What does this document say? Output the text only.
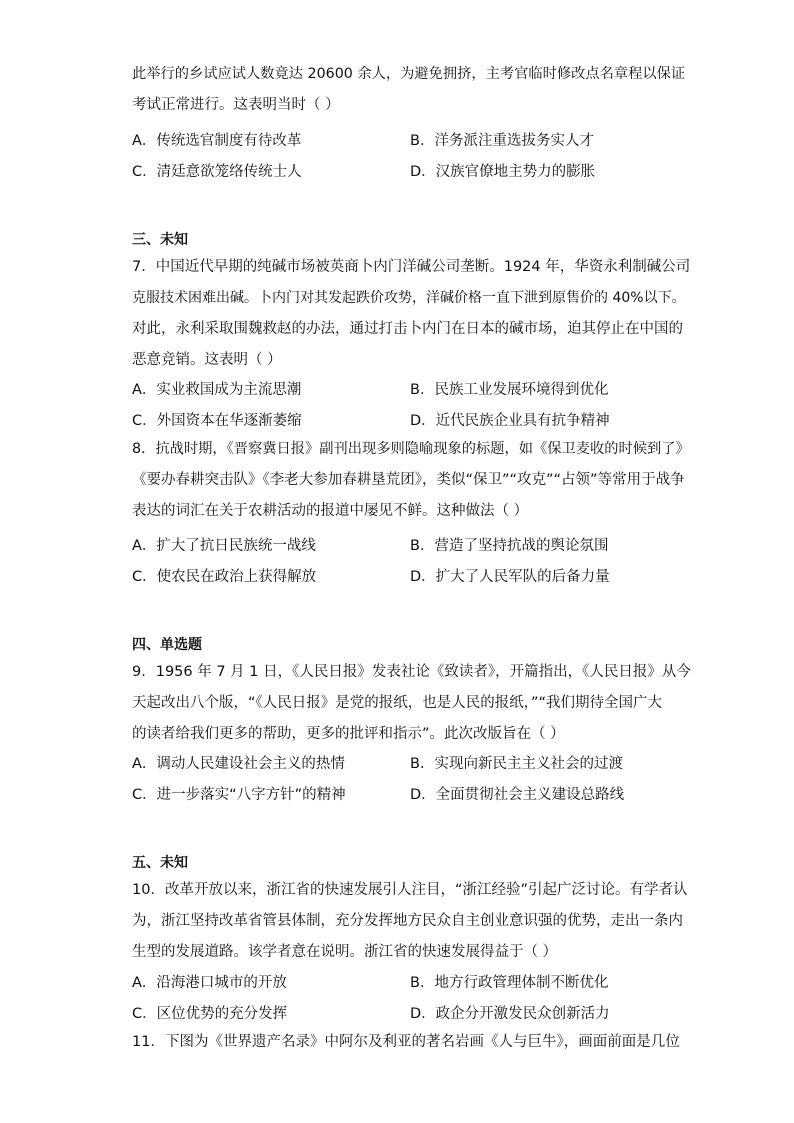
此举行的乡试应试人数竟达 20600 余人，为避免拥挤，主考官临时修改点名章程以保证
考试正常进行。这表明当时（ ）
A．传统选官制度有待改革	B．洋务派注重选拔务实人才
C．清廷意欲笼络传统士人	D．汉族官僚地主势力的膨胀
三、未知
7．中国近代早期的纯碱市场被英商卜内门洋碱公司垄断。1924 年，华资永利制碱公司
克服技术困难出碱。卜内门对其发起跌价攻势，洋碱价格一直下泄到原售价的 40%以下。
对此，永利采取围魏救赵的办法，通过打击卜内门在日本的碱市场，迫其停止在中国的
恶意竞销。这表明（ ）
A．实业救国成为主流思潮	B．民族工业发展环境得到优化
C．外国资本在华逐渐萎缩	D．近代民族企业具有抗争精神
8．抗战时期，《晋察冀日报》副刊出现多则隐喻现象的标题，如《保卫麦收的时候到了》
《要办春耕突击队》《李老大参加春耕垦荒团》，类似“保卫”“攻克”“占领”等常用于战争
表达的词汇在关于农耕活动的报道中屡见不鲜。这种做法（ ）
A．扩大了抗日民族统一战线	B．营造了坚持抗战的舆论氛围
C．使农民在政治上获得解放	D．扩大了人民军队的后备力量
四、单选题
9．1956 年 7 月 1 日，《人民日报》发表社论《致读者》，开篇指出，《人民日报》从今
天起改出八个版，“《人民日报》是党的报纸，也是人民的报纸，”“我们期待全国广大
的读者给我们更多的帮助，更多的批评和指示”。此次改版旨在（ ）
A．调动人民建设社会主义的热情	B．实现向新民主主义社会的过渡
C．进一步落实“八字方针”的精神	D．全面贯彻社会主义建设总路线
五、未知
10．改革开放以来，浙江省的快速发展引人注目，“浙江经验”引起广泛讨论。有学者认
为，浙江坚持改革省管县体制，充分发挥地方民众自主创业意识强的优势，走出一条内
生型的发展道路。该学者意在说明。浙江省的快速发展得益于（ ）
A．沿海港口城市的开放	B．地方行政管理体制不断优化
C．区位优势的充分发挥	D．政企分开激发民众创新活力
11．下图为《世界遗产名录》中阿尔及利亚的著名岩画《人与巨牛》，画面前面是几位
